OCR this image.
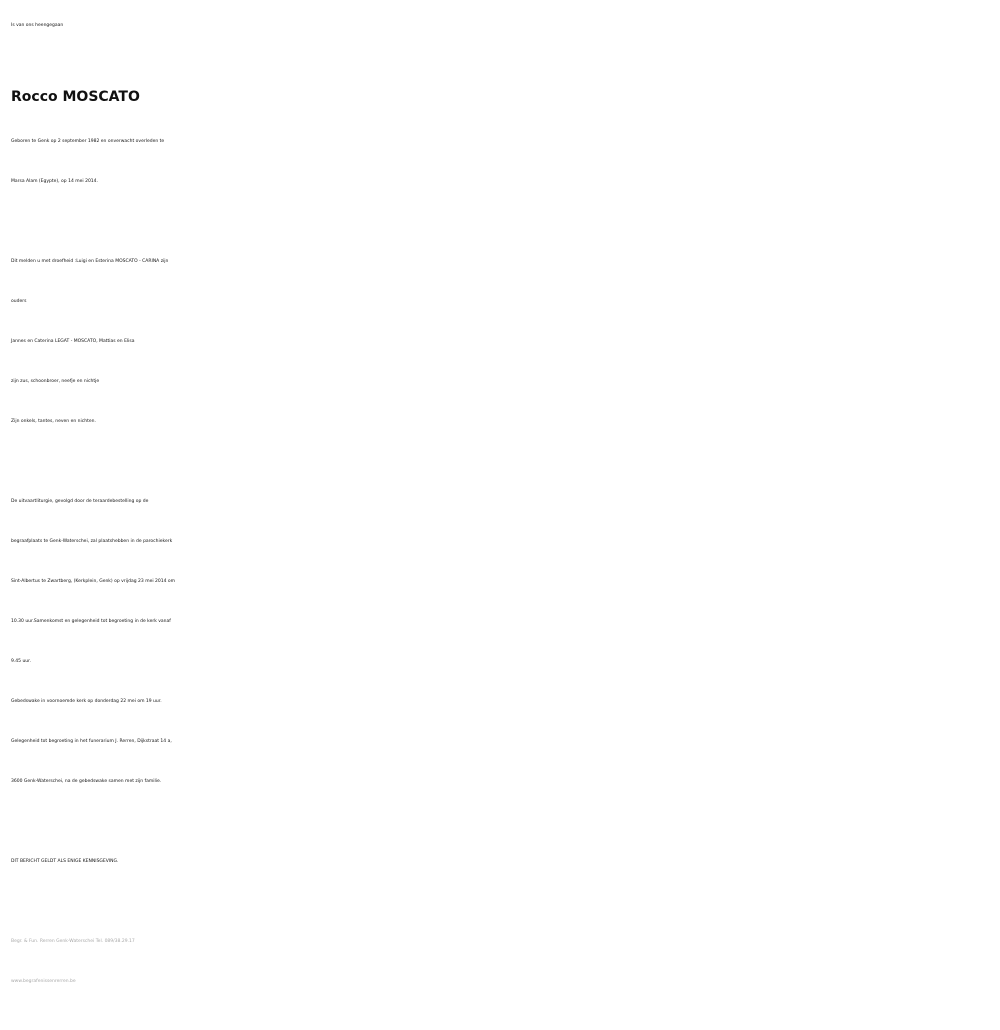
Is van ons heengegaan
Rocco MOSCATO
Geboren te Genk op 2 september 1982 en onverwacht overleden te
Marsa Alam (Egypte), op 14 mei 2014.
Dit melden u met droefheid :Luigi en Esterina MOSCATO - CARINA zijn
ouders
Jannes en Caterina LEGAT - MOSCATO, Mattias en Elisa
zijn zus, schoonbroer, neefje en nichtje
Zijn onkels, tantes, neven en nichten.
De uitvaartliturgie, gevolgd door de teraardebestelling op de
begraafplaats te Genk-Waterschei, zal plaatshebben in de parochiekerk
Sint-Albertus te Zwartberg, (Kerkplein, Genk) op vrijdag 23 mei 2014 om
10.30 uur.Samenkomst en gelegenheid tot begroeting in de kerk vanaf
9.45 uur.
Gebedswake in voornoemde kerk op donderdag 22 mei om 19 uur.
Gelegenheid tot begroeting in het funerarium J. Rerren, Dijkstraat 14 a,
3600 Genk-Waterschei, na de gebedswake samen met zijn familie.
DIT BERICHT GELDT ALS ENIGE KENNISGEVING.
Begr. & Fun. Rerren Genk-Waterschei Tel. 089/38.29.17
www.begrafenissenrerren.be
